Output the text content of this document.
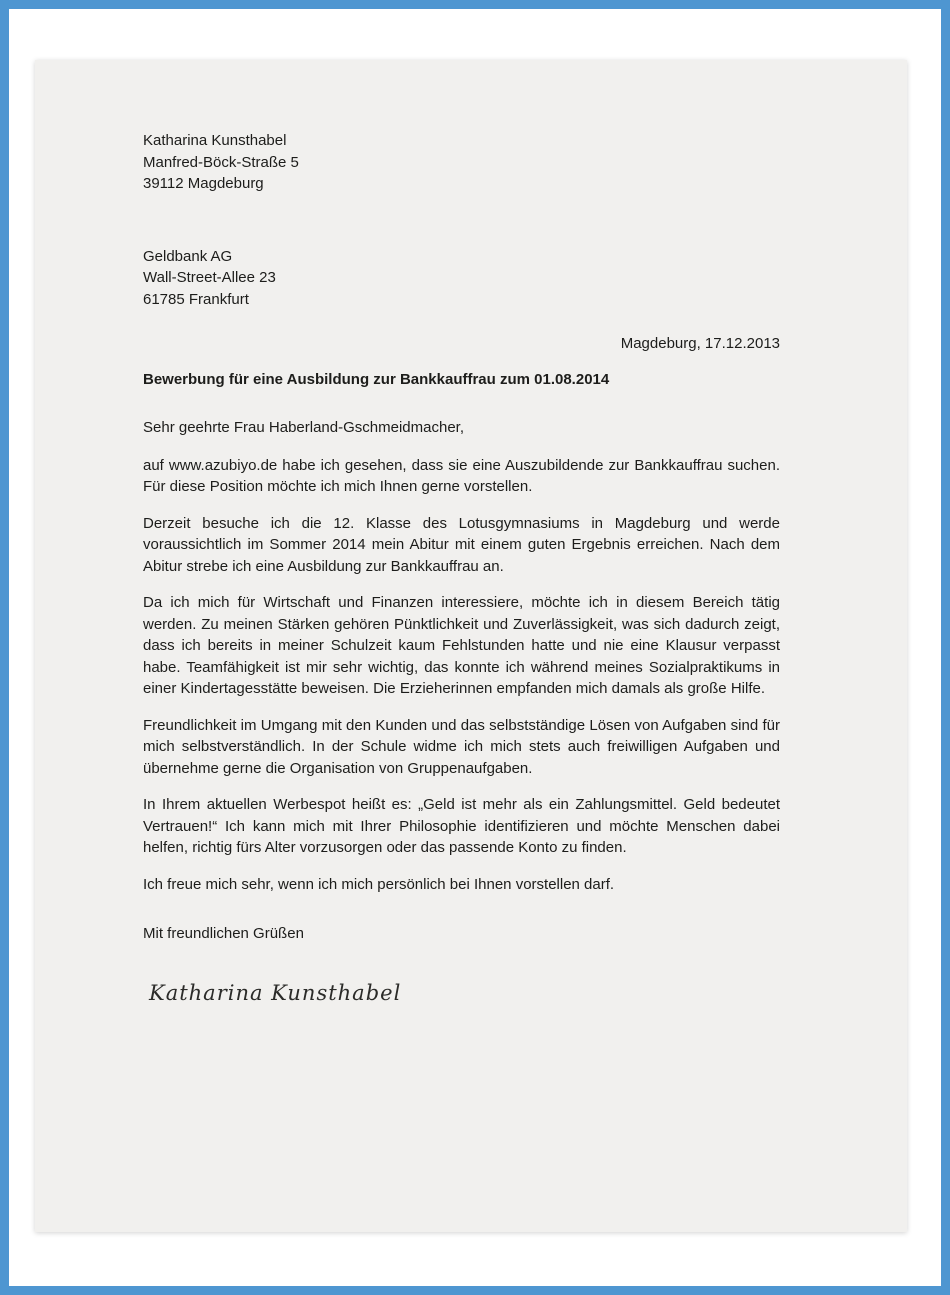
Katharina Kunsthabel

Manfred-Böck-Straße 5

39112 Magdeburg

Geldbank AG

Wall-Street-Allee 23

61785 Frankfurt

Magdeburg, 17.12.2013

Bewerbung für eine Ausbildung zur Bankkauffrau zum 01.08.2014

Sehr geehrte Frau Haberland-Gschmeidmacher,

auf www.azubiyo.de habe ich gesehen, dass sie eine Auszubildende zur Bankkauffrau suchen. Für diese Position möchte ich mich Ihnen gerne vorstellen.

Derzeit besuche ich die 12. Klasse des Lotusgymnasiums in Magdeburg und werde voraussichtlich im Sommer 2014 mein Abitur mit einem guten Ergebnis erreichen. Nach dem Abitur strebe ich eine Ausbildung zur Bankkauffrau an.

Da ich mich für Wirtschaft und Finanzen interessiere, möchte ich in diesem Bereich tätig werden. Zu meinen Stärken gehören Pünktlichkeit und Zuverlässigkeit, was sich dadurch zeigt, dass ich bereits in meiner Schulzeit kaum Fehlstunden hatte und nie eine Klausur verpasst habe. Teamfähigkeit ist mir sehr wichtig, das konnte ich während meines Sozialpraktikums in einer Kindertagesstätte beweisen. Die Erzieherinnen empfanden mich damals als große Hilfe.

Freundlichkeit im Umgang mit den Kunden und das selbstständige Lösen von Aufgaben sind für mich selbstverständlich. In der Schule widme ich mich stets auch freiwilligen Aufgaben und übernehme gerne die Organisation von Gruppenaufgaben.

In Ihrem aktuellen Werbespot heißt es: „Geld ist mehr als ein Zahlungsmittel. Geld bedeutet Vertrauen!“ Ich kann mich mit Ihrer Philosophie identifizieren und möchte Menschen dabei helfen, richtig fürs Alter vorzusorgen oder das passende Konto zu finden.

Ich freue mich sehr, wenn ich mich persönlich bei Ihnen vorstellen darf.

Mit freundlichen Grüßen

Katharina Kunsthabel
